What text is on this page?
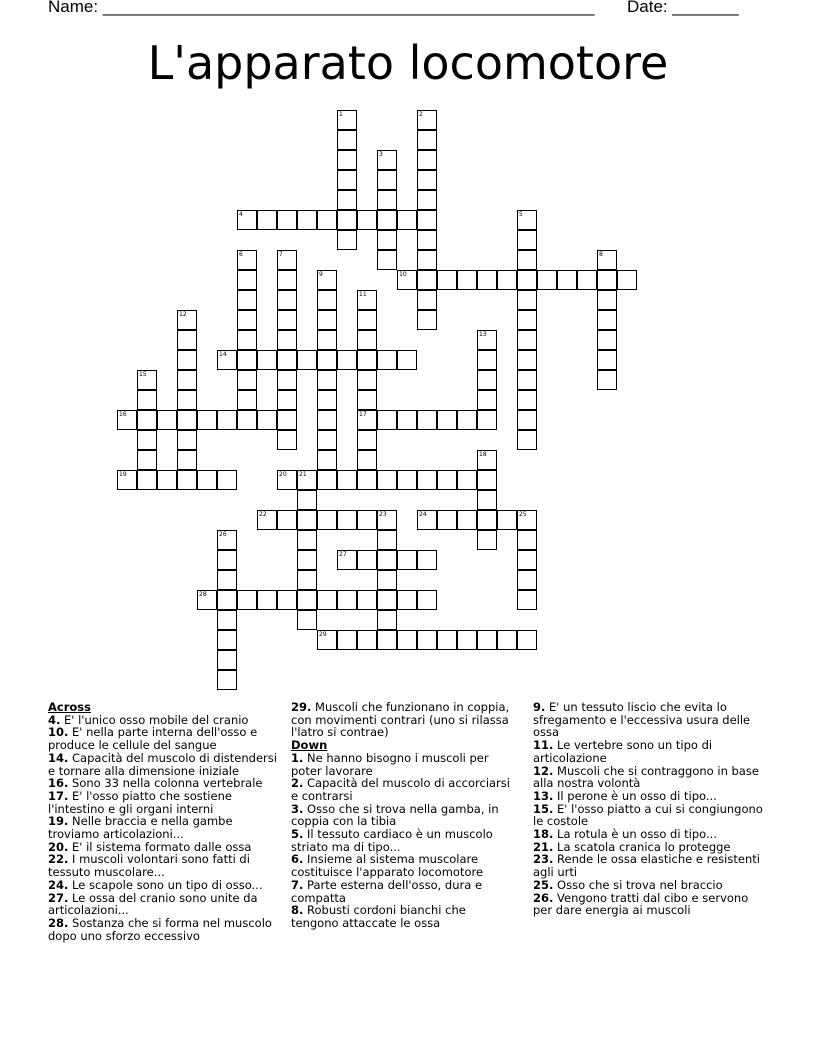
Name: ____________________________________________________ Date: _______
L'apparato locomotore
1	2
3
4	5
6	7	8
9	10
11
17
12
13
14
15
16
18
19	20 21
22	23	24	25
26
27
28
29
Across
4. E' l'unico osso mobile del cranio
10. E' nella parte interna dell'osso e produce le cellule del sangue
14. Capacità del muscolo di distendersi e tornare alla dimensione iniziale
16. Sono 33 nella colonna vertebrale
17. E' l'osso piatto che sostiene l'intestino e gli organi interni
19. Nelle braccia e nella gambe troviamo articolazioni...
20. E' il sistema formato dalle ossa
22. I muscoli volontari sono fatti di tessuto muscolare...
24. Le scapole sono un tipo di osso...
27. Le ossa del cranio sono unite da articolazioni...
28. Sostanza che si forma nel muscolo dopo uno sforzo eccessivo
29. Muscoli che funzionano in coppia, con movimenti contrari (uno si rilassa l'latro si contrae)
Down
1. Ne hanno bisogno i muscoli per poter lavorare
2. Capacità del muscolo di accorciarsi e contrarsi
3. Osso che si trova nella gamba, in coppia con la tibia
5. Il tessuto cardiaco è un muscolo striato ma di tipo...
6. Insieme al sistema muscolare costituisce l'apparato locomotore
7. Parte esterna dell'osso, dura e compatta
8. Robusti cordoni bianchi che tengono attaccate le ossa
9. E' un tessuto liscio che evita lo sfregamento e l'eccessiva usura delle ossa
11. Le vertebre sono un tipo di articolazione
12. Muscoli che si contraggono in base alla nostra volontà
13. Il perone è un osso di tipo...
15. E' l'osso piatto a cui si congiungono le costole
18. La rotula è un osso di tipo...
21. La scatola cranica lo protegge
23. Rende le ossa elastiche e resistenti agli urti
25. Osso che si trova nel braccio
26. Vengono tratti dal cibo e servono per dare energia ai muscoli
